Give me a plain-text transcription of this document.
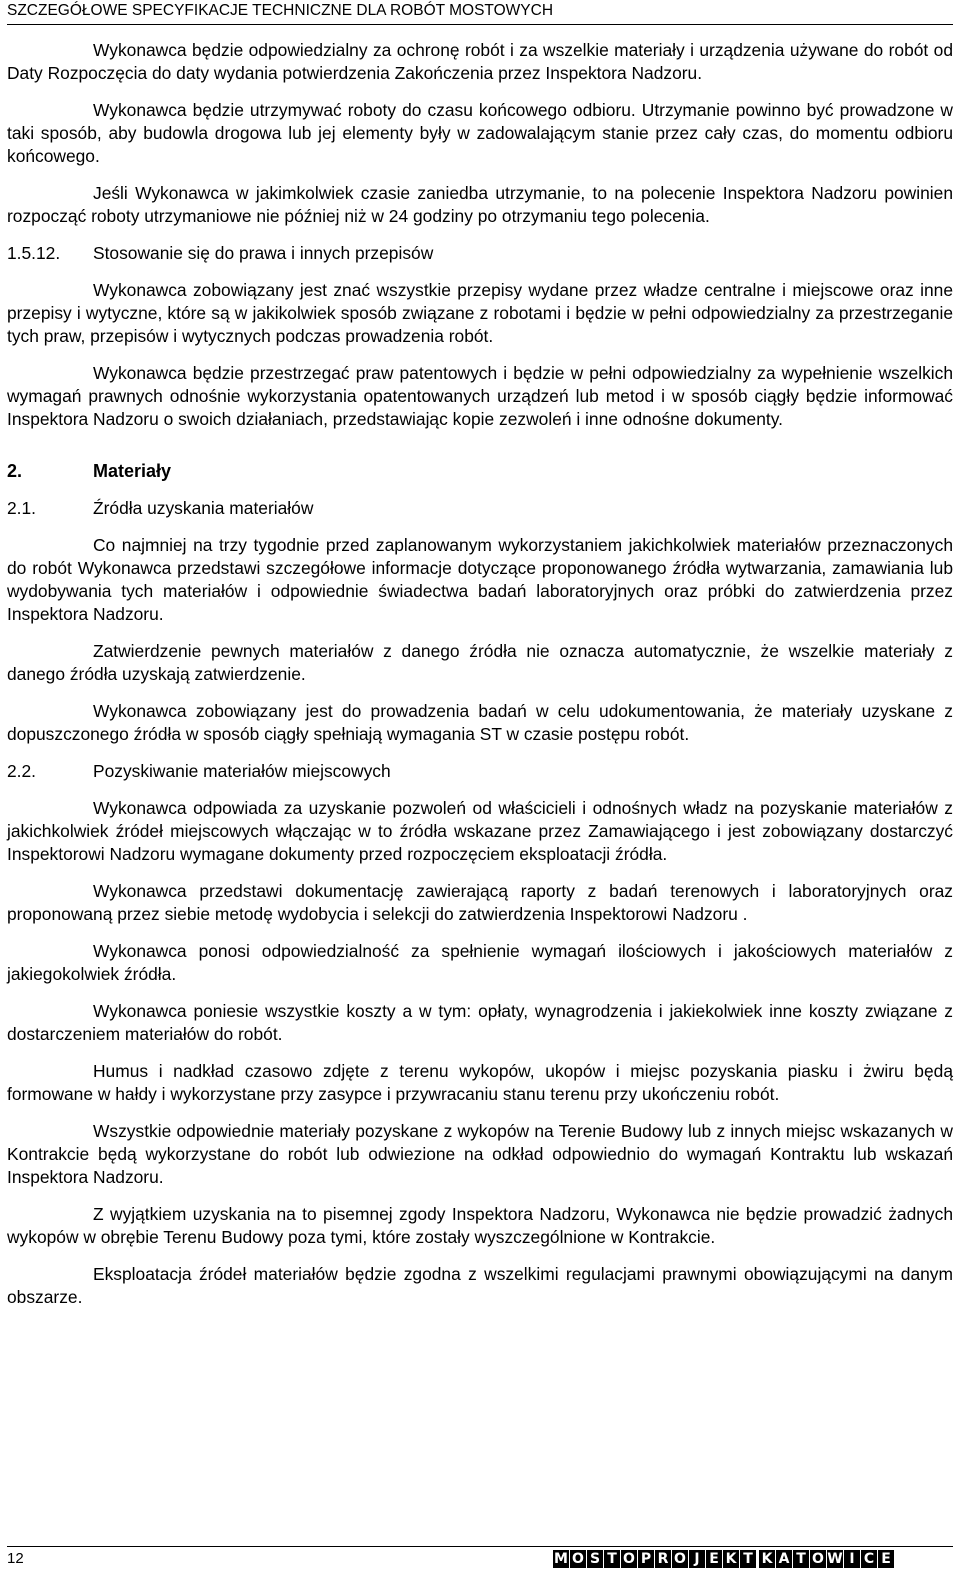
SZCZEGÓŁOWE SPECYFIKACJE TECHNICZNE DLA ROBÓT MOSTOWYCH

Wykonawca będzie odpowiedzialny za ochronę robót i za wszelkie materiały i urządzenia używane do robót od Daty Rozpoczęcia do daty wydania potwierdzenia Zakończenia przez Inspektora Nadzoru.

Wykonawca będzie utrzymywać roboty do czasu końcowego odbioru. Utrzymanie powinno być prowadzone w taki sposób, aby budowla drogowa lub jej elementy były w zadowalającym stanie przez cały czas, do momentu odbioru końcowego.

Jeśli Wykonawca w jakimkolwiek czasie zaniedba utrzymanie, to na polecenie Inspektora Nadzoru powinien rozpocząć roboty utrzymaniowe nie później niż w 24 godziny po otrzymaniu tego polecenia.

1.5.12.	Stosowanie się do prawa i innych przepisów

Wykonawca zobowiązany jest znać wszystkie przepisy wydane przez władze centralne i miejscowe oraz inne przepisy i wytyczne, które są w jakikolwiek sposób związane z robotami i będzie w pełni odpowiedzialny za przestrzeganie tych praw, przepisów i wytycznych podczas prowadzenia robót.

Wykonawca będzie przestrzegać praw patentowych i będzie w pełni odpowiedzialny za wypełnienie wszelkich wymagań prawnych odnośnie wykorzystania opatentowanych urządzeń lub metod i w sposób ciągły będzie informować Inspektora Nadzoru o swoich działaniach, przedstawiając kopie zezwoleń i inne odnośne dokumenty.

2.	Materiały
2.1.	Źródła uzyskania materiałów

Co najmniej na trzy tygodnie przed zaplanowanym wykorzystaniem jakichkolwiek materiałów przeznaczonych do robót Wykonawca przedstawi szczegółowe informacje dotyczące proponowanego źródła wytwarzania, zamawiania lub wydobywania tych materiałów i odpowiednie świadectwa badań laboratoryjnych oraz próbki do zatwierdzenia przez Inspektora Nadzoru.

Zatwierdzenie pewnych materiałów z danego źródła nie oznacza automatycznie, że wszelkie materiały z danego źródła uzyskają zatwierdzenie.

Wykonawca zobowiązany jest do prowadzenia badań w celu udokumentowania, że materiały uzyskane z dopuszczonego źródła w sposób ciągły spełniają wymagania ST w czasie postępu robót.

2.2.	Pozyskiwanie materiałów miejscowych

Wykonawca odpowiada za uzyskanie pozwoleń od właścicieli i odnośnych władz na pozyskanie materiałów z jakichkolwiek źródeł miejscowych włączając w to źródła wskazane przez Zamawiającego i jest zobowiązany dostarczyć Inspektorowi Nadzoru wymagane dokumenty przed rozpoczęciem eksploatacji źródła.

Wykonawca przedstawi dokumentację zawierającą raporty z badań terenowych i laboratoryjnych oraz proponowaną przez siebie metodę wydobycia i selekcji do zatwierdzenia Inspektorowi Nadzoru .

Wykonawca ponosi odpowiedzialność za spełnienie wymagań ilościowych i jakościowych materiałów z jakiegokolwiek źródła.

Wykonawca poniesie wszystkie koszty a w tym: opłaty, wynagrodzenia i jakiekolwiek inne koszty związane z dostarczeniem materiałów do robót.

Humus i nadkład czasowo zdjęte z terenu wykopów, ukopów i miejsc pozyskania piasku i żwiru będą formowane w hałdy i wykorzystane przy zasypce i przywracaniu stanu terenu przy ukończeniu robót.

Wszystkie odpowiednie materiały pozyskane z wykopów na Terenie Budowy lub z innych miejsc wskazanych w Kontrakcie będą wykorzystane do robót lub odwiezione na odkład odpowiednio do wymagań Kontraktu lub wskazań Inspektora Nadzoru.

Z wyjątkiem uzyskania na to pisemnej zgody Inspektora Nadzoru, Wykonawca nie będzie prowadzić żadnych wykopów w obrębie Terenu Budowy poza tymi, które zostały wyszczególnione w Kontrakcie.

Eksploatacja źródeł materiałów będzie zgodna z wszelkimi regulacjami prawnymi obowiązującymi na danym obszarze.

12	M O S T O P R O J E K T K A T O W I C E
